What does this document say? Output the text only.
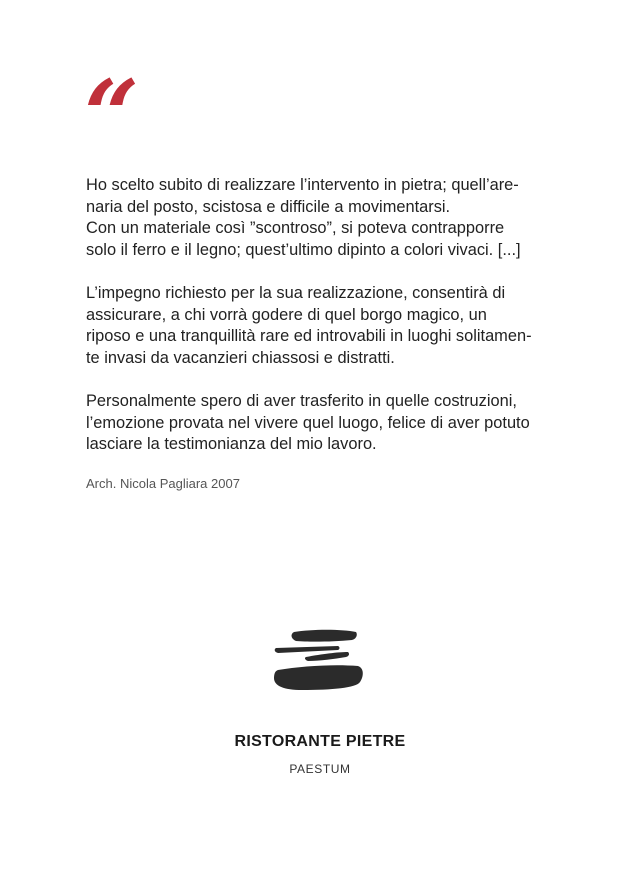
“

Ho scelto subito di realizzare l’intervento in pietra; quell’are-
naria del posto, scistosa e difficile a movimentarsi.
Con un materiale così ”scontroso”, si poteva contrapporre
solo il ferro e il legno; quest’ultimo dipinto a colori vivaci. [...]

L’impegno richiesto per la sua realizzazione, consentirà di
assicurare, a chi vorrà godere di quel borgo magico, un
riposo e una tranquillità rare ed introvabili in luoghi solitamen-
te invasi da vacanzieri chiassosi e distratti.

Personalmente spero di aver trasferito in quelle costruzioni,
l’emozione provata nel vivere quel luogo, felice di aver potuto
lasciare la testimonianza del mio lavoro.

Arch. Nicola Pagliara 2007
RISTORANTE PIETRE
PAESTUM
